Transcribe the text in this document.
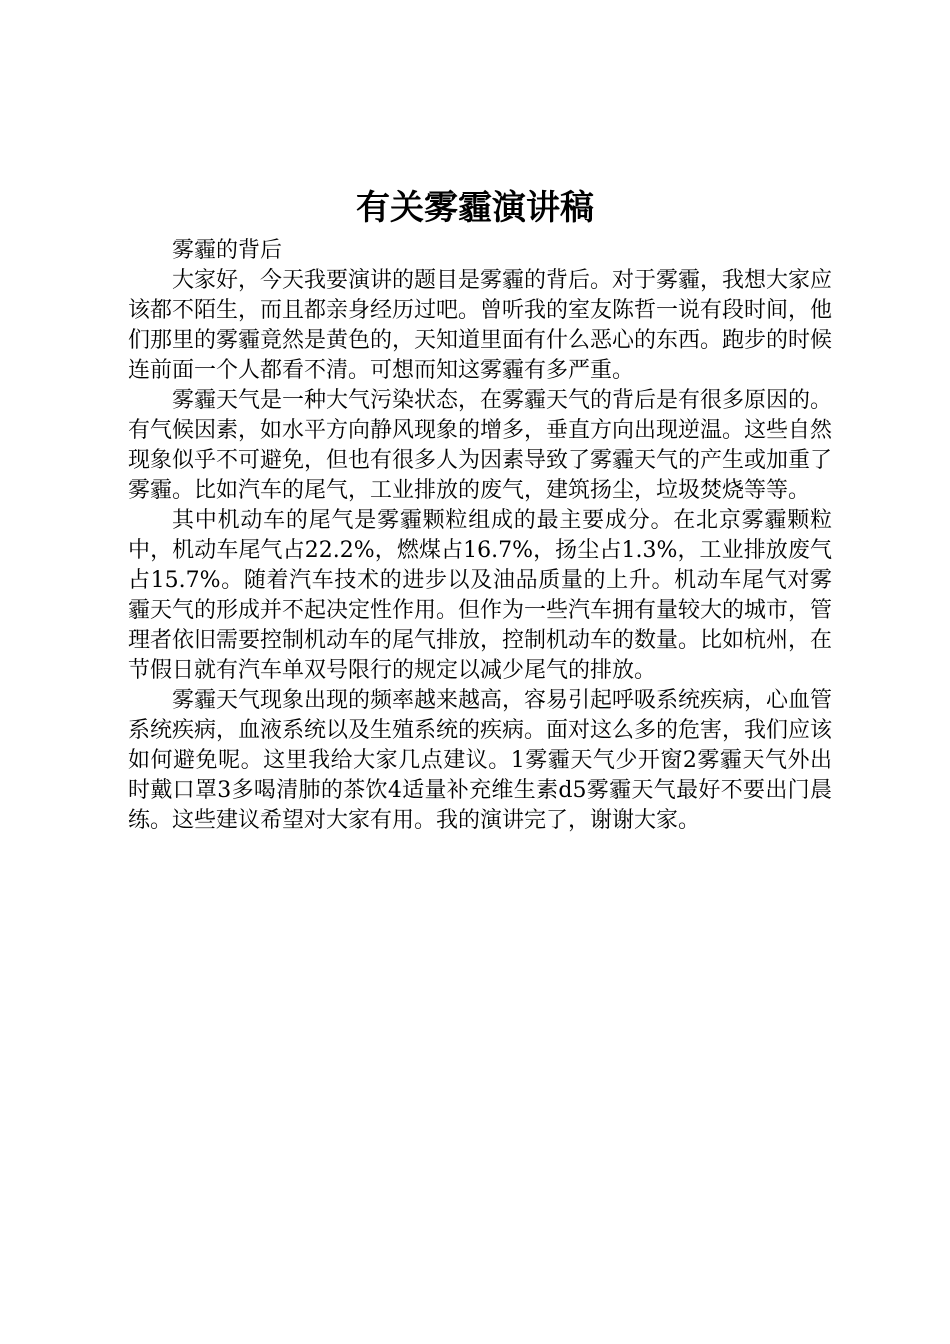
有关雾霾演讲稿

雾霾的背后

大家好，今天我要演讲的题目是雾霾的背后。对于雾霾，我想大家应该都不陌生，而且都亲身经历过吧。曾听我的室友陈哲一说有段时间，他们那里的雾霾竟然是黄色的，天知道里面有什么恶心的东西。跑步的时候连前面一个人都看不清。可想而知这雾霾有多严重。

雾霾天气是一种大气污染状态，在雾霾天气的背后是有很多原因的。有气候因素，如水平方向静风现象的增多，垂直方向出现逆温。这些自然现象似乎不可避免，但也有很多人为因素导致了雾霾天气的产生或加重了雾霾。比如汽车的尾气，工业排放的废气，建筑扬尘，垃圾焚烧等等。

其中机动车的尾气是雾霾颗粒组成的最主要成分。在北京雾霾颗粒中，机动车尾气占22.2%，燃煤占16.7%，扬尘占1.3%，工业排放废气占15.7%。随着汽车技术的进步以及油品质量的上升。机动车尾气对雾霾天气的形成并不起决定性作用。但作为一些汽车拥有量较大的城市，管理者依旧需要控制机动车的尾气排放，控制机动车的数量。比如杭州，在节假日就有汽车单双号限行的规定以减少尾气的排放。

雾霾天气现象出现的频率越来越高，容易引起呼吸系统疾病，心血管系统疾病，血液系统以及生殖系统的疾病。面对这么多的危害，我们应该如何避免呢。这里我给大家几点建议。1雾霾天气少开窗2雾霾天气外出时戴口罩3多喝清肺的茶饮4适量补充维生素d5雾霾天气最好不要出门晨练。这些建议希望对大家有用。我的演讲完了，谢谢大家。
